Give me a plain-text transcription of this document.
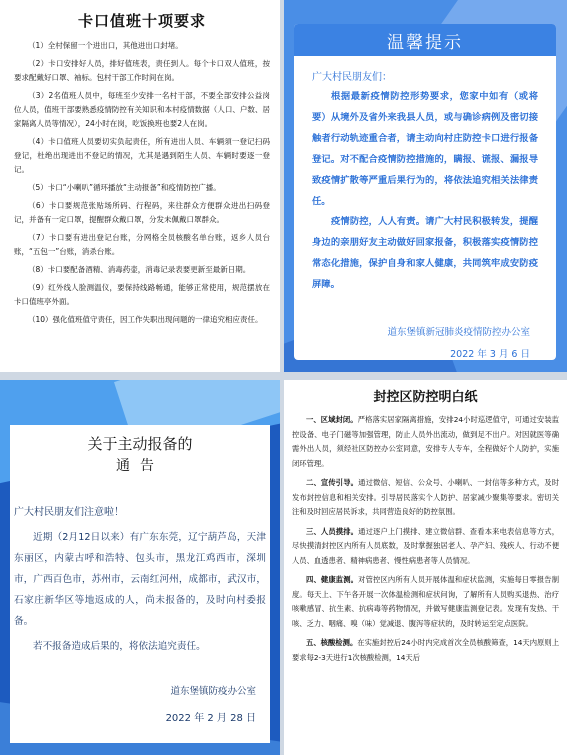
卡口值班十项要求

（1）全村保留一个进出口，其他进出口封堵。

（2）卡口安排好人员，排好值班表，责任到人。每个卡口双人值班，按要求配戴好口罩、袖标。包村干部工作时间在岗。

（3）2名值班人员中，每班至少安排一名村干部，不要全部安排公益岗位人员，值班干部要熟悉疫情防控有关知识和本村疫情数据（人口、户数、居家隔离人员等情况），24小时在岗，吃饭换班也要2人在岗。

（4）卡口值班人员要切实负起责任，所有进出人员、车辆須一登记扫码登记，杜绝出现进出不登记的情况，尤其是遇到陌生人员、车辆时要逐一登记。

（5）卡口“小喇叭”循环播放“主动报备”和疫情防控广播。

（6）卡口要规范张贴场所码、行程码，来往群众方便群众进出扫码登记，并备有一定口罩，提醒群众戴口罩，分发未佩戴口罩群众。

（7）卡口要有进出登记台账，分网格全员核酸名单台账，返乡人员台账，“五包一”台账，消杀台账。

（8）卡口要配备酒精、消毒药壶，消毒记录表要更新至最新日期。

（9）红外线人脸测温仪，要保持线路畅通，能够正常使用，规范摆放在卡口值班亭外面。

（10）强化值班值守责任，因工作失职出现问题的一律追究相应责任。

温馨提示
广大村民朋友们：

根据最新疫情防控形势要求，您家中如有（或将要）从境外及省外来我县人员，或与确诊病例及密切接触者行动轨迹重合者，请主动向村庄防控卡口进行报备登记。对不配合疫情防控措施的，瞒报、谎报、漏报导致疫情扩散等严重后果行为的，将依法追究相关法律责任。

疫情防控，人人有责。请广大村民积极转发，提醒身边的亲朋好友主动做好回家报备，积极落实疫情防控常态化措施，保护自身和家人健康，共同筑牢成安防疫屏障。

道东堡镇新冠肺炎疫情防控办公室
2022 年 3 月 6 日
关于主动报备的
通告
广大村民朋友们注意啦！

近期（2月12日以来）有广东东莞，辽宁葫芦岛，天津东丽区，内蒙古呼和浩特、包头市，黑龙江鸡西市，深圳市，广西百色市，苏州市，云南红河州，成都市，武汉市，石家庄新华区等地返成的人，尚未报备的，及时向村委报备。

若不报备造成后果的，将依法追究责任。

道东堡镇防疫办公室
2022 年 2 月 28 日
封控区防控明白纸

一、区域封闭。严格落实居家隔离措施，安排24小时巡逻值守，可通过安装监控设备、电子门磁等加强管理，防止人员外出流动，做到足不出户。对因就医等确需外出人员，须经社区防控办公室同意，安排专人专车，全程做好个人防护，实施闭环管理。

二、宣传引导。通过微信、短信、公众号、小喇叭、一封信等多种方式，及时发布封控信息和相关安排。引导居民落实个人防护、居家减少聚集等要求。密切关注和及时回应居民诉求，共同营造良好的防控氛围。

三、人员摸排。通过逐户上门摸排、建立微信群、查看本来电表信息等方式，尽快摸清封控区内所有人员底数，及时掌握独居老人、孕产妇、残疾人、行动不便人员、血透患者、精神病患者、慢性病患者等人员情况。

四、健康监测。对管控区内所有人员开展体温和症状监测，实施每日零报告制度。每天上、下午各开展一次体温检测和症状问询，了解所有人员购买退热、治疗咳嗽感冒、抗生素、抗病毒等药物情况，并做写健康监测登记表。发现有发热、干咳、乏力、咽痛、嗅（味）觉减退、腹泻等症状的，及时转运至定点医院。

五、核酸检测。在实施封控后24小时内完成首次全员核酸筛查，14天内原则上要求每2-3天进行1次核酸检测，14天后
